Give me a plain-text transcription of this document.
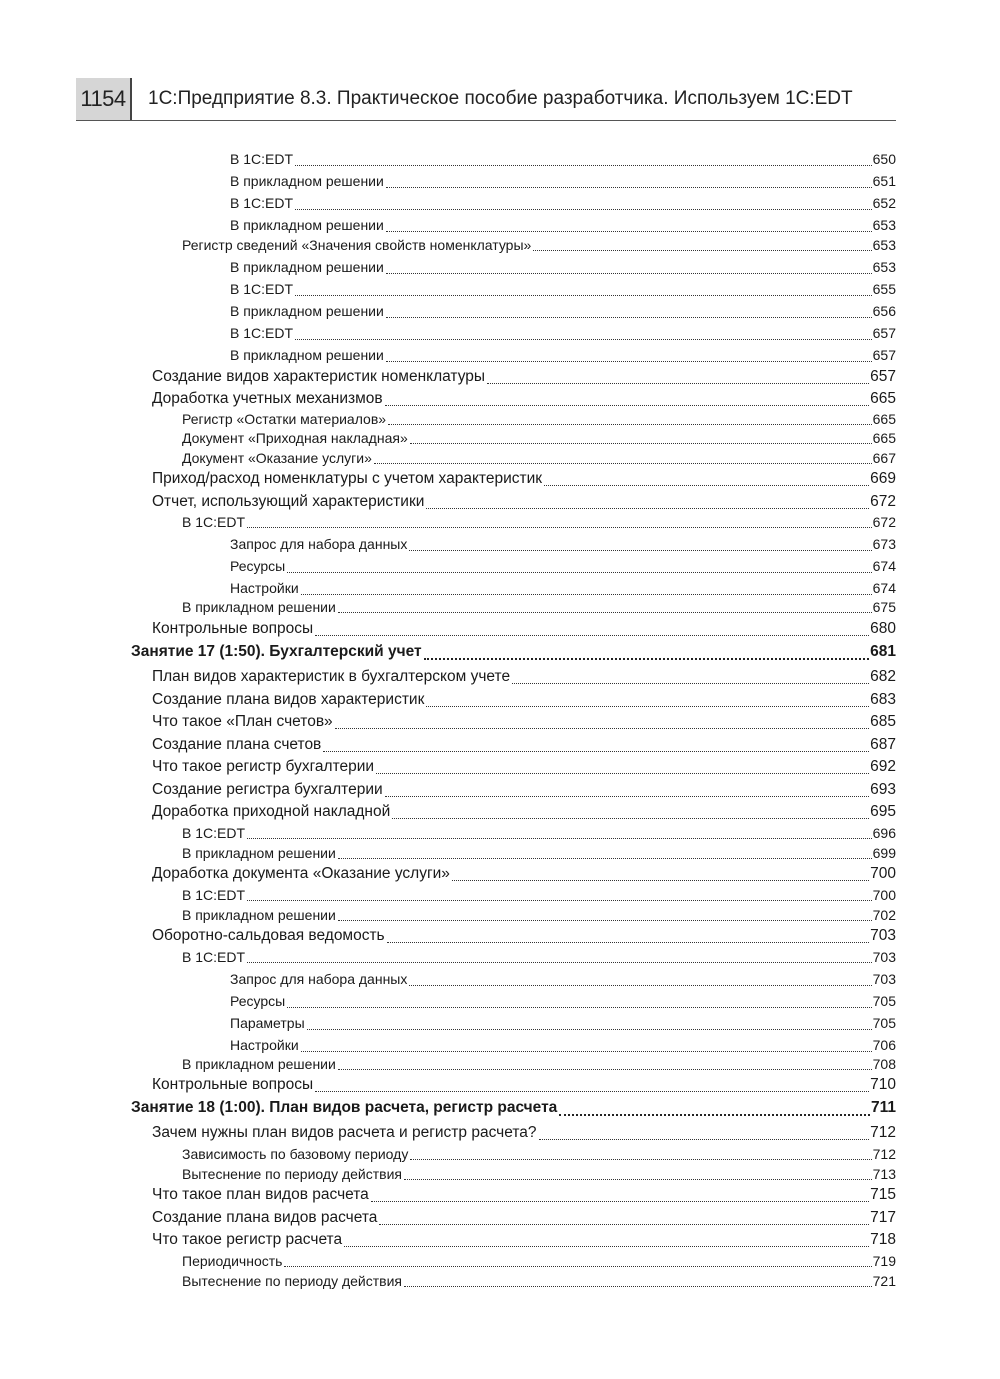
1154	1С:Предприятие 8.3. Практическое пособие разработчика. Используем 1С:EDT
В 1С:EDT	650
В прикладном решении	651
В 1С:EDT	652
В прикладном решении	653
Регистр сведений «Значения свойств номенклатуры»	653
В прикладном решении	653
В 1С:EDT	655
В прикладном решении	656
В 1С:EDT	657
В прикладном решении	657
Создание видов характеристик номенклатуры	657
Доработка учетных механизмов	665
Регистр «Остатки материалов»	665
Документ «Приходная накладная»	665
Документ «Оказание услуги»	667
Приход/расход номенклатуры с учетом характеристик	669
Отчет, использующий характеристики	672
В 1С:EDT	672
Запрос для набора данных	673
Ресурсы	674
Настройки	674
В прикладном решении	675
Контрольные вопросы	680
Занятие 17 (1:50). Бухгалтерский учет	681
План видов характеристик в бухгалтерском учете	682
Создание плана видов характеристик	683
Что такое «План счетов»	685
Создание плана счетов	687
Что такое регистр бухгалтерии	692
Создание регистра бухгалтерии	693
Доработка приходной накладной	695
В 1С:EDT	696
В прикладном решении	699
Доработка документа «Оказание услуги»	700
В 1С:EDT	700
В прикладном решении	702
Оборотно-сальдовая ведомость	703
В 1С:EDT	703
Запрос для набора данных	703
Ресурсы	705
Параметры	705
Настройки	706
В прикладном решении	708
Контрольные вопросы	710
Занятие 18 (1:00). План видов расчета, регистр расчета	711
Зачем нужны план видов расчета и регистр расчета?	712
Зависимость по базовому периоду	712
Вытеснение по периоду действия	713
Что такое план видов расчета	715
Создание плана видов расчета	717
Что такое регистр расчета	718
Периодичность	719
Вытеснение по периоду действия	721
